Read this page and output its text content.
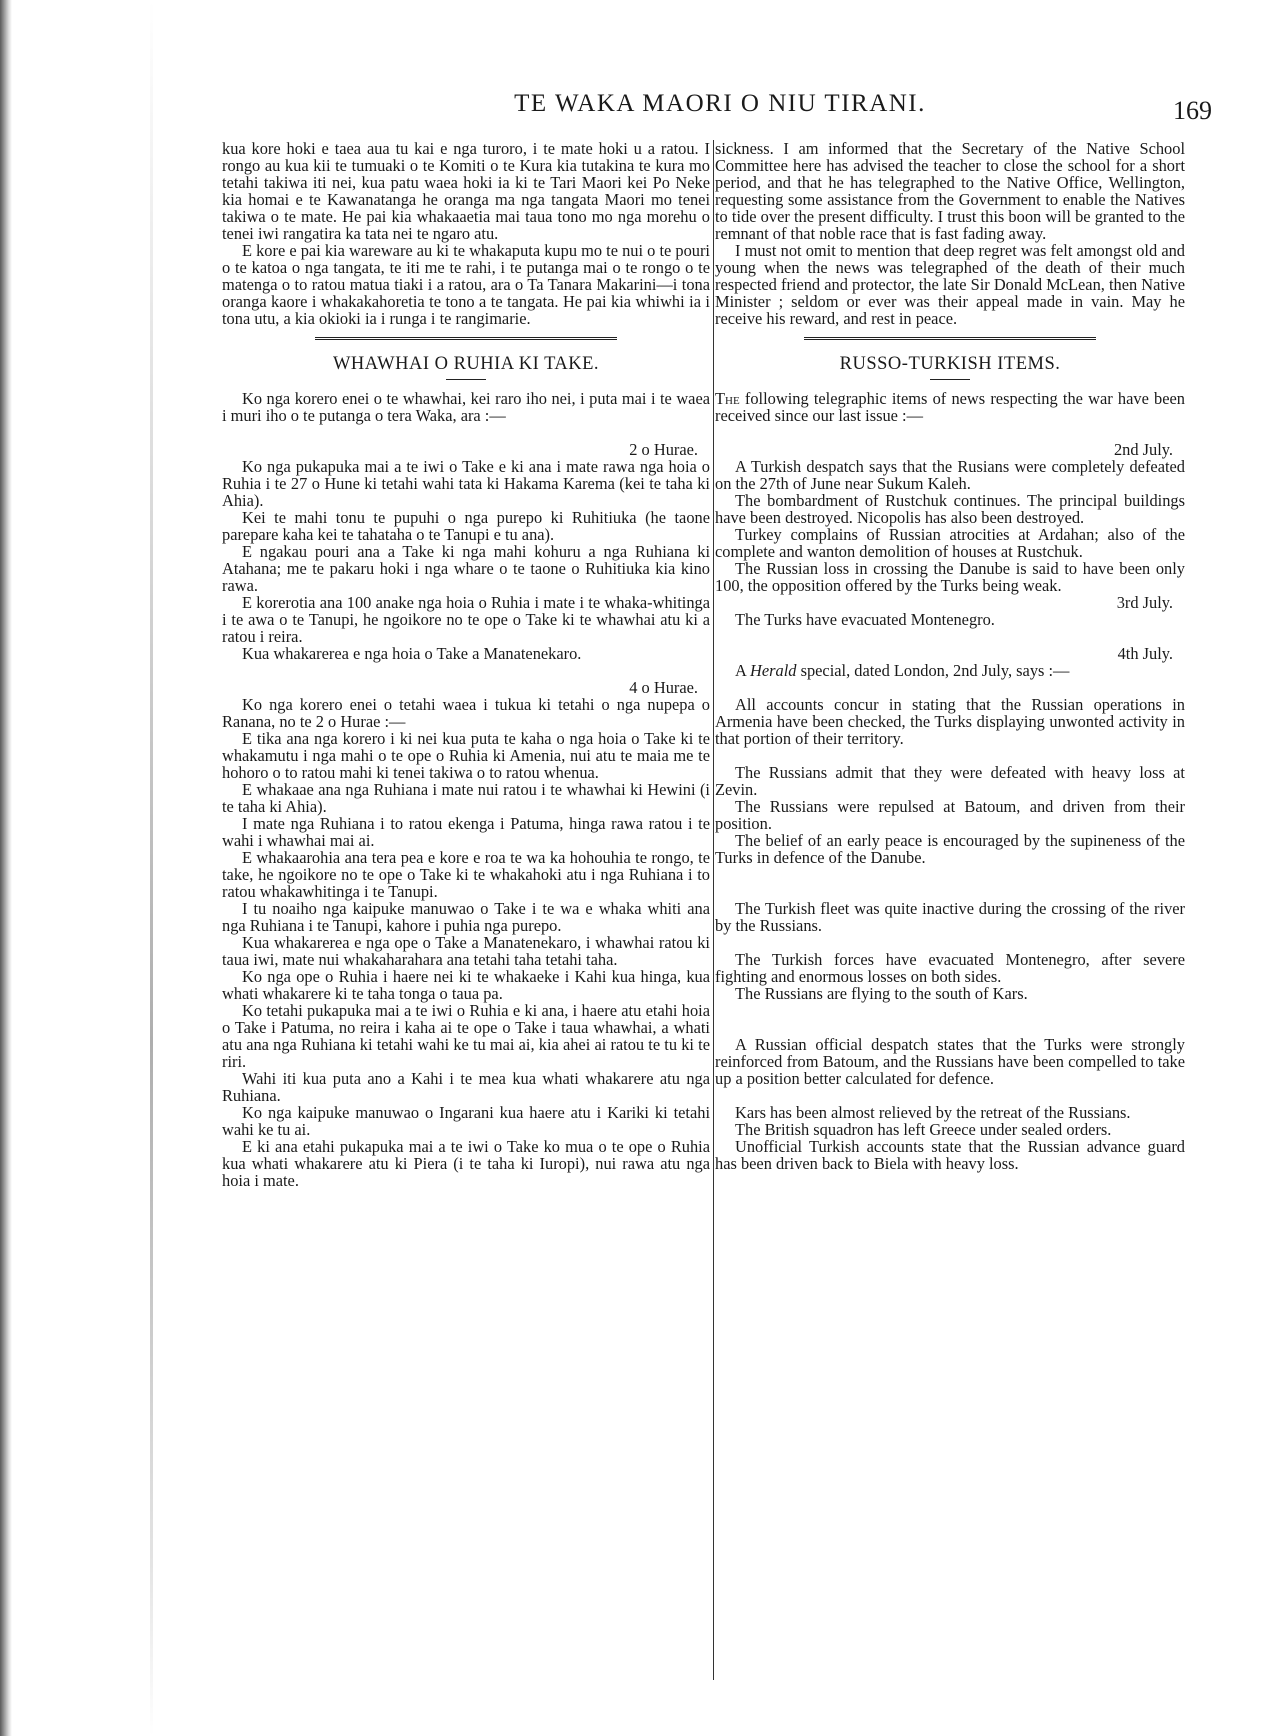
TE WAKA MAORI O NIU TIRANI.	169

kua kore hoki e taea aua tu kai e nga turoro, i te mate hoki u a ratou. I rongo au kua kii te tumuaki o te Komiti o te Kura kia tutakina te kura mo tetahi takiwa iti nei, kua patu waea hoki ia ki te Tari Maori kei Po Neke kia homai e te Kawanatanga he oranga ma nga tangata Maori mo tenei takiwa o te mate. He pai kia whakaaetia mai taua tono mo nga morehu o tenei iwi rangatira ka tata nei te ngaro atu.

E kore e pai kia wareware au ki te whakaputa kupu mo te nui o te pouri o te katoa o nga tangata, te iti me te rahi, i te putanga mai o te rongo o te matenga o to ratou matua tiaki i a ratou, ara o Ta Tanara Makarini—i tona oranga kaore i whakakahoretia te tono a te tangata. He pai kia whiwhi ia i tona utu, a kia okioki ia i runga i te rangimarie.

WHAWHAI O RUHIA KI TAKE.

Ko nga korero enei o te whawhai, kei raro iho nei, i puta mai i te waea i muri iho o te putanga o tera Waka, ara :—

2 o Hurae.

Ko nga pukapuka mai a te iwi o Take e ki ana i mate rawa nga hoia o Ruhia i te 27 o Hune ki tetahi wahi tata ki Hakama Karema (kei te taha ki Ahia).

Kei te mahi tonu te pupuhi o nga purepo ki Ruhitiuka (he taone parepare kaha kei te tahataha o te Tanupi e tu ana).

E ngakau pouri ana a Take ki nga mahi kohuru a nga Ruhiana ki Atahana; me te pakaru hoki i nga whare o te taone o Ruhitiuka kia kino rawa.

E korerotia ana 100 anake nga hoia o Ruhia i mate i te whaka-whitinga i te awa o te Tanupi, he ngoikore no te ope o Take ki te whawhai atu ki a ratou i reira.

Kua whakarerea e nga hoia o Take a Manatenekaro.

4 o Hurae.

Ko nga korero enei o tetahi waea i tukua ki tetahi o nga nupepa o Ranana, no te 2 o Hurae :—

E tika ana nga korero i ki nei kua puta te kaha o nga hoia o Take ki te whakamutu i nga mahi o te ope o Ruhia ki Amenia, nui atu te maia me te hohoro o to ratou mahi ki tenei takiwa o to ratou whenua.

E whakaae ana nga Ruhiana i mate nui ratou i te whawhai ki Hewini (i te taha ki Ahia).

I mate nga Ruhiana i to ratou ekenga i Patuma, hinga rawa ratou i te wahi i whawhai mai ai.

E whakaarohia ana tera pea e kore e roa te wa ka hohouhia te rongo, te take, he ngoikore no te ope o Take ki te whakahoki atu i nga Ruhiana i to ratou whakawhitinga i te Tanupi.

I tu noaiho nga kaipuke manuwao o Take i te wa e whaka whiti ana nga Ruhiana i te Tanupi, kahore i puhia nga purepo.

Kua whakarerea e nga ope o Take a Manatenekaro, i whawhai ratou ki taua iwi, mate nui whakaharahara ana tetahi taha tetahi taha.

Ko nga ope o Ruhia i haere nei ki te whakaeke i Kahi kua hinga, kua whati whakarere ki te taha tonga o taua pa.

Ko tetahi pukapuka mai a te iwi o Ruhia e ki ana, i haere atu etahi hoia o Take i Patuma, no reira i kaha ai te ope o Take i taua whawhai, a whati atu ana nga Ruhiana ki tetahi wahi ke tu mai ai, kia ahei ai ratou te tu ki te riri.

Wahi iti kua puta ano a Kahi i te mea kua whati whakarere atu nga Ruhiana.

Ko nga kaipuke manuwao o Ingarani kua haere atu i Kariki ki tetahi wahi ke tu ai.

E ki ana etahi pukapuka mai a te iwi o Take ko mua o te ope o Ruhia kua whati whakarere atu ki Piera (i te taha ki Iuropi), nui rawa atu nga hoia i mate.

sickness. I am informed that the Secretary of the Native School Committee here has advised the teacher to close the school for a short period, and that he has telegraphed to the Native Office, Wellington, requesting some assistance from the Government to enable the Natives to tide over the present difficulty. I trust this boon will be granted to the remnant of that noble race that is fast fading away.

I must not omit to mention that deep regret was felt amongst old and young when the news was telegraphed of the death of their much respected friend and protector, the late Sir Donald McLean, then Native Minister ; seldom or ever was their appeal made in vain. May he receive his reward, and rest in peace.

RUSSO-TURKISH ITEMS.

The following telegraphic items of news respecting the war have been received since our last issue :—

2nd July.

A Turkish despatch says that the Rusians were completely defeated on the 27th of June near Sukum Kaleh.

The bombardment of Rustchuk continues. The principal buildings have been destroyed. Nicopolis has also been destroyed.

Turkey complains of Russian atrocities at Ardahan; also of the complete and wanton demolition of houses at Rustchuk.

The Russian loss in crossing the Danube is said to have been only 100, the opposition offered by the Turks being weak.

3rd July.

The Turks have evacuated Montenegro.

4th July.

A Herald special, dated London, 2nd July, says :—

All accounts concur in stating that the Russian operations in Armenia have been checked, the Turks displaying unwonted activity in that portion of their territory.

The Russians admit that they were defeated with heavy loss at Zevin.

The Russians were repulsed at Batoum, and driven from their position.

The belief of an early peace is encouraged by the supineness of the Turks in defence of the Danube.

The Turkish fleet was quite inactive during the crossing of the river by the Russians.

The Turkish forces have evacuated Montenegro, after severe fighting and enormous losses on both sides.

The Russians are flying to the south of Kars.

A Russian official despatch states that the Turks were strongly reinforced from Batoum, and the Russians have been compelled to take up a position better calculated for defence.

Kars has been almost relieved by the retreat of the Russians.

The British squadron has left Greece under sealed orders.

Unofficial Turkish accounts state that the Russian advance guard has been driven back to Biela with heavy loss.
